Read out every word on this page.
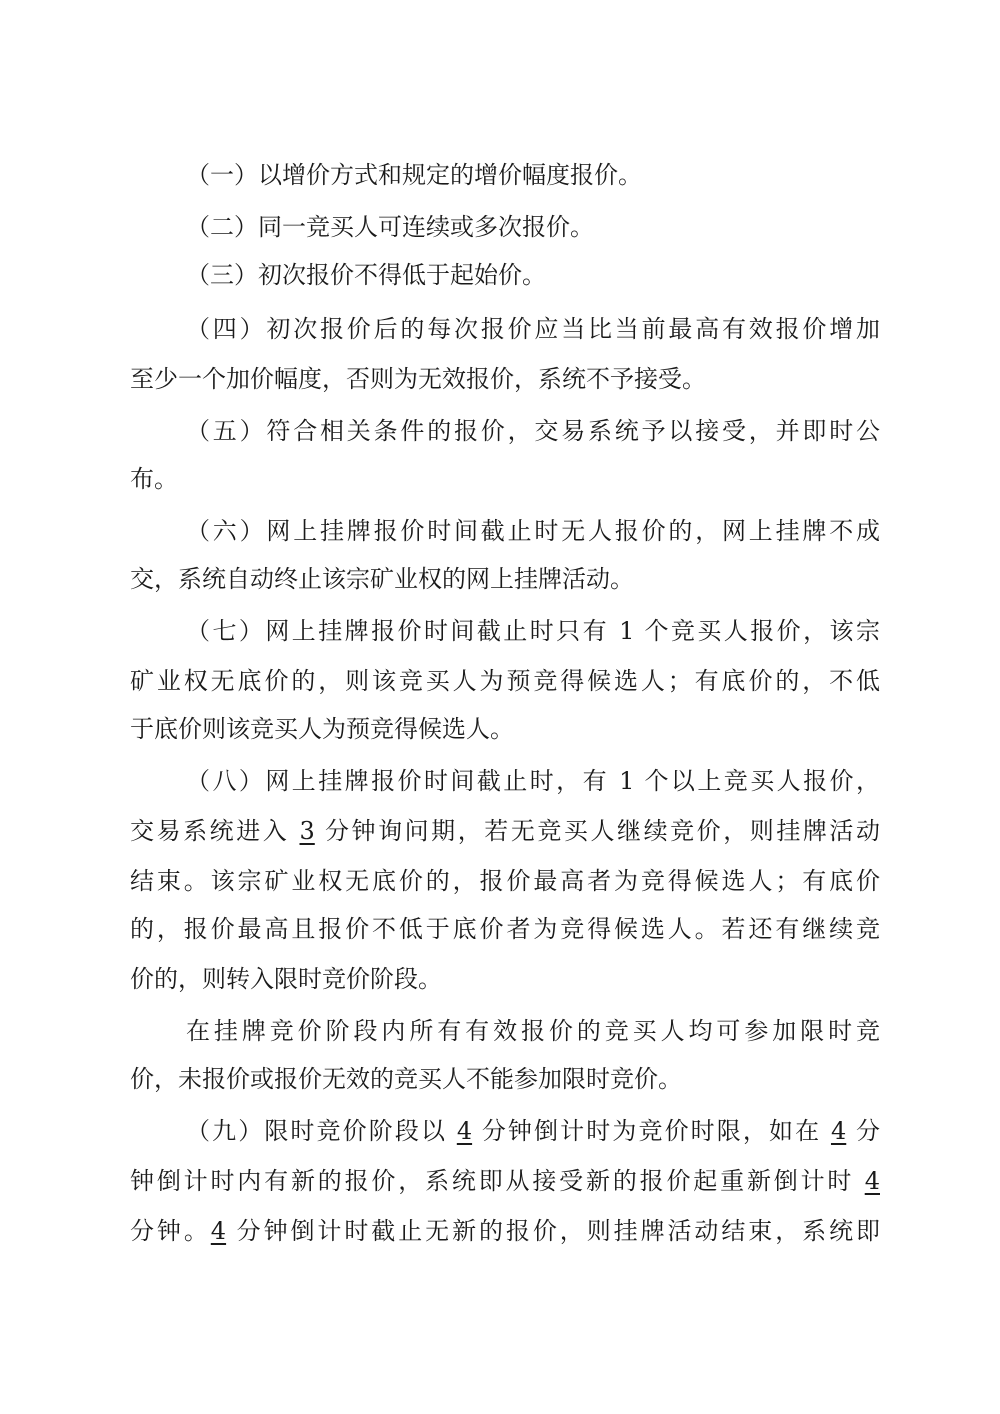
（一）以增价方式和规定的增价幅度报价。
（二）同一竞买人可连续或多次报价。
（三）初次报价不得低于起始价。
（四）初次报价后的每次报价应当比当前最高有效报价增加
至少一个加价幅度，否则为无效报价，系统不予接受。
（五）符合相关条件的报价，交易系统予以接受，并即时公
布。
（六）网上挂牌报价时间截止时无人报价的，网上挂牌不成
交，系统自动终止该宗矿业权的网上挂牌活动。
（七）网上挂牌报价时间截止时只有 1 个竞买人报价，该宗
矿业权无底价的，则该竞买人为预竞得候选人；有底价的，不低
于底价则该竞买人为预竞得候选人。
（八）网上挂牌报价时间截止时，有 1 个以上竞买人报价，
交易系统进入 3 分钟询问期，若无竞买人继续竞价，则挂牌活动
结束。该宗矿业权无底价的，报价最高者为竞得候选人；有底价
的，报价最高且报价不低于底价者为竞得候选人。若还有继续竞
价的，则转入限时竞价阶段。
在挂牌竞价阶段内所有有效报价的竞买人均可参加限时竞
价，未报价或报价无效的竞买人不能参加限时竞价。
（九）限时竞价阶段以 4 分钟倒计时为竞价时限，如在 4 分
钟倒计时内有新的报价，系统即从接受新的报价起重新倒计时 4
分钟。4 分钟倒计时截止无新的报价，则挂牌活动结束，系统即
